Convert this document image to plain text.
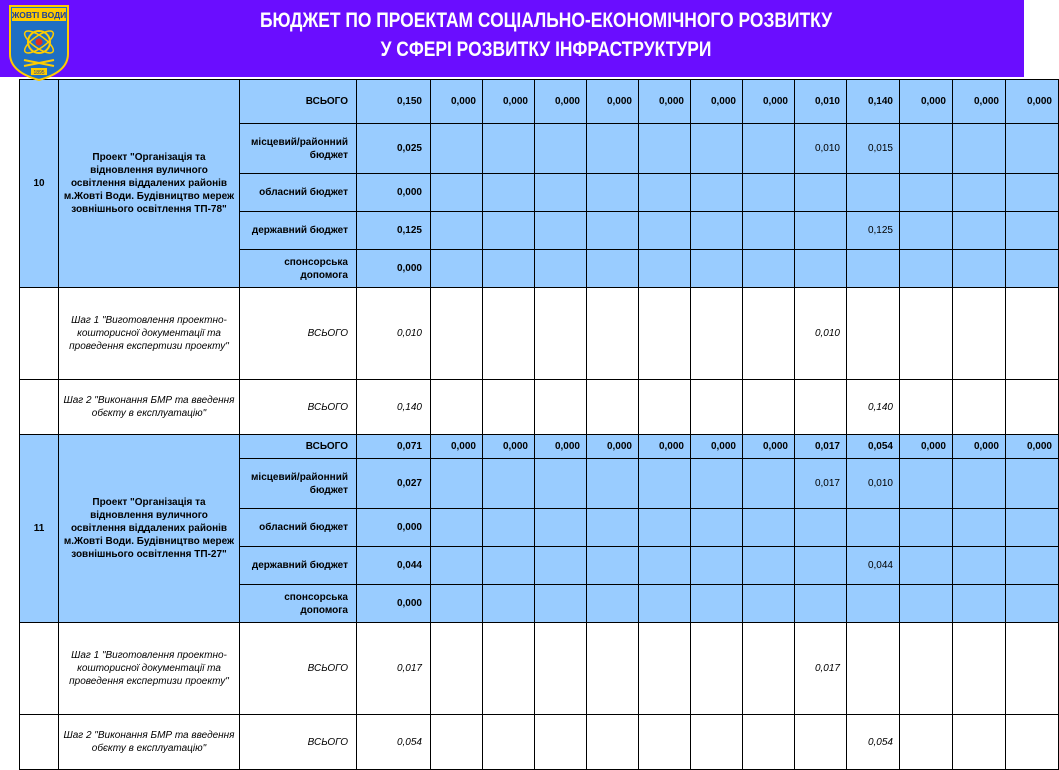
ЖОВТІ ВОДИ
1895
БЮДЖЕТ ПО ПРОЕКТАМ СОЦІАЛЬНО-ЕКОНОМІЧНОГО РОЗВИТКУ
У СФЕРІ РОЗВИТКУ ІНФРАСТРУКТУРИ
10	Проект "Організація та відновлення вуличного освітлення віддалених районів м.Жовті Води. Будівництво мереж зовнішнього освітлення ТП-78"	ВСЬОГО	0,150	0,000	0,000	0,000	0,000	0,000	0,000	0,000	0,010	0,140	0,000	0,000	0,000
		місцевий/районний бюджет	0,025								0,010	0,015			
		обласний бюджет	0,000												
		державний бюджет	0,125									0,125			
		спонсорська допомога	0,000												
	Шаг 1 "Виготовлення проектно-кошторисної документації та проведення експертизи проекту"	ВСЬОГО	0,010								0,010				
	Шаг 2 "Виконання БМР та введення обєкту в експлуатацію"	ВСЬОГО	0,140									0,140			
11	Проект "Організація та відновлення вуличного освітлення віддалених районів м.Жовті Води. Будівництво мереж зовнішнього освітлення ТП-27"	ВСЬОГО	0,071	0,000	0,000	0,000	0,000	0,000	0,000	0,000	0,017	0,054	0,000	0,000	0,000
		місцевий/районний бюджет	0,027								0,017	0,010			
		обласний бюджет	0,000												
		державний бюджет	0,044									0,044			
		спонсорська допомога	0,000												
	Шаг 1 "Виготовлення проектно-кошторисної документації та проведення експертизи проекту"	ВСЬОГО	0,017								0,017				
	Шаг 2 "Виконання БМР та введення обєкту в експлуатацію"	ВСЬОГО	0,054									0,054			
